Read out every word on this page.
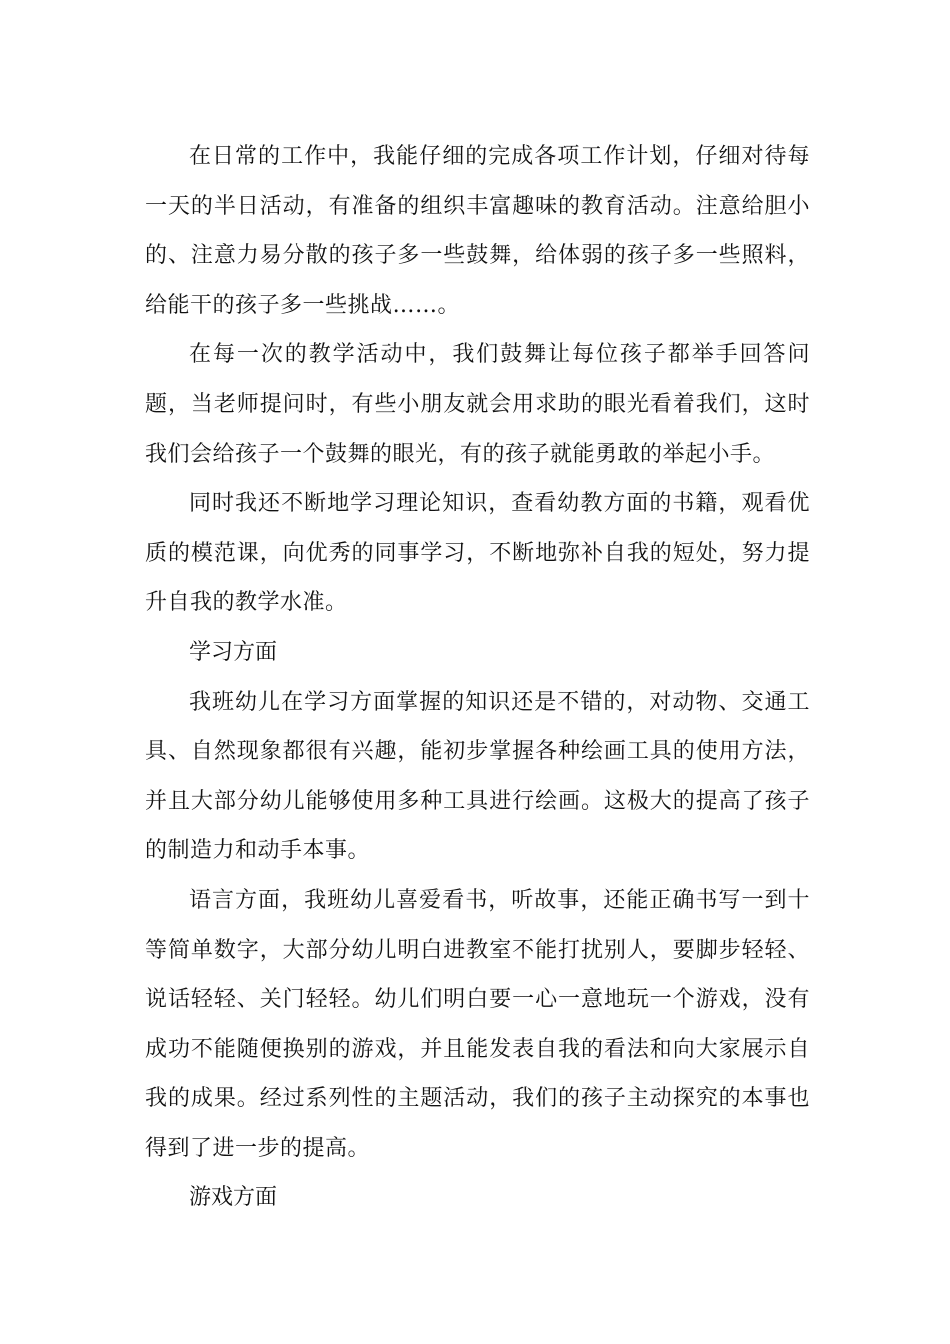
在日常的工作中，我能仔细的完成各项工作计划，仔细对待每一天的半日活动，有准备的组织丰富趣味的教育活动。注意给胆小的、注意力易分散的孩子多一些鼓舞，给体弱的孩子多一些照料，给能干的孩子多一些挑战……。

在每一次的教学活动中，我们鼓舞让每位孩子都举手回答问题，当老师提问时，有些小朋友就会用求助的眼光看着我们，这时我们会给孩子一个鼓舞的眼光，有的孩子就能勇敢的举起小手。

同时我还不断地学习理论知识，查看幼教方面的书籍，观看优质的模范课，向优秀的同事学习，不断地弥补自我的短处，努力提升自我的教学水准。

学习方面

我班幼儿在学习方面掌握的知识还是不错的，对动物、交通工具、自然现象都很有兴趣，能初步掌握各种绘画工具的使用方法，并且大部分幼儿能够使用多种工具进行绘画。这极大的提高了孩子的制造力和动手本事。

语言方面，我班幼儿喜爱看书，听故事，还能正确书写一到十等简单数字，大部分幼儿明白进教室不能打扰别人，要脚步轻轻、说话轻轻、关门轻轻。幼儿们明白要一心一意地玩一个游戏，没有成功不能随便换别的游戏，并且能发表自我的看法和向大家展示自我的成果。经过系列性的主题活动，我们的孩子主动探究的本事也得到了进一步的提高。

游戏方面
